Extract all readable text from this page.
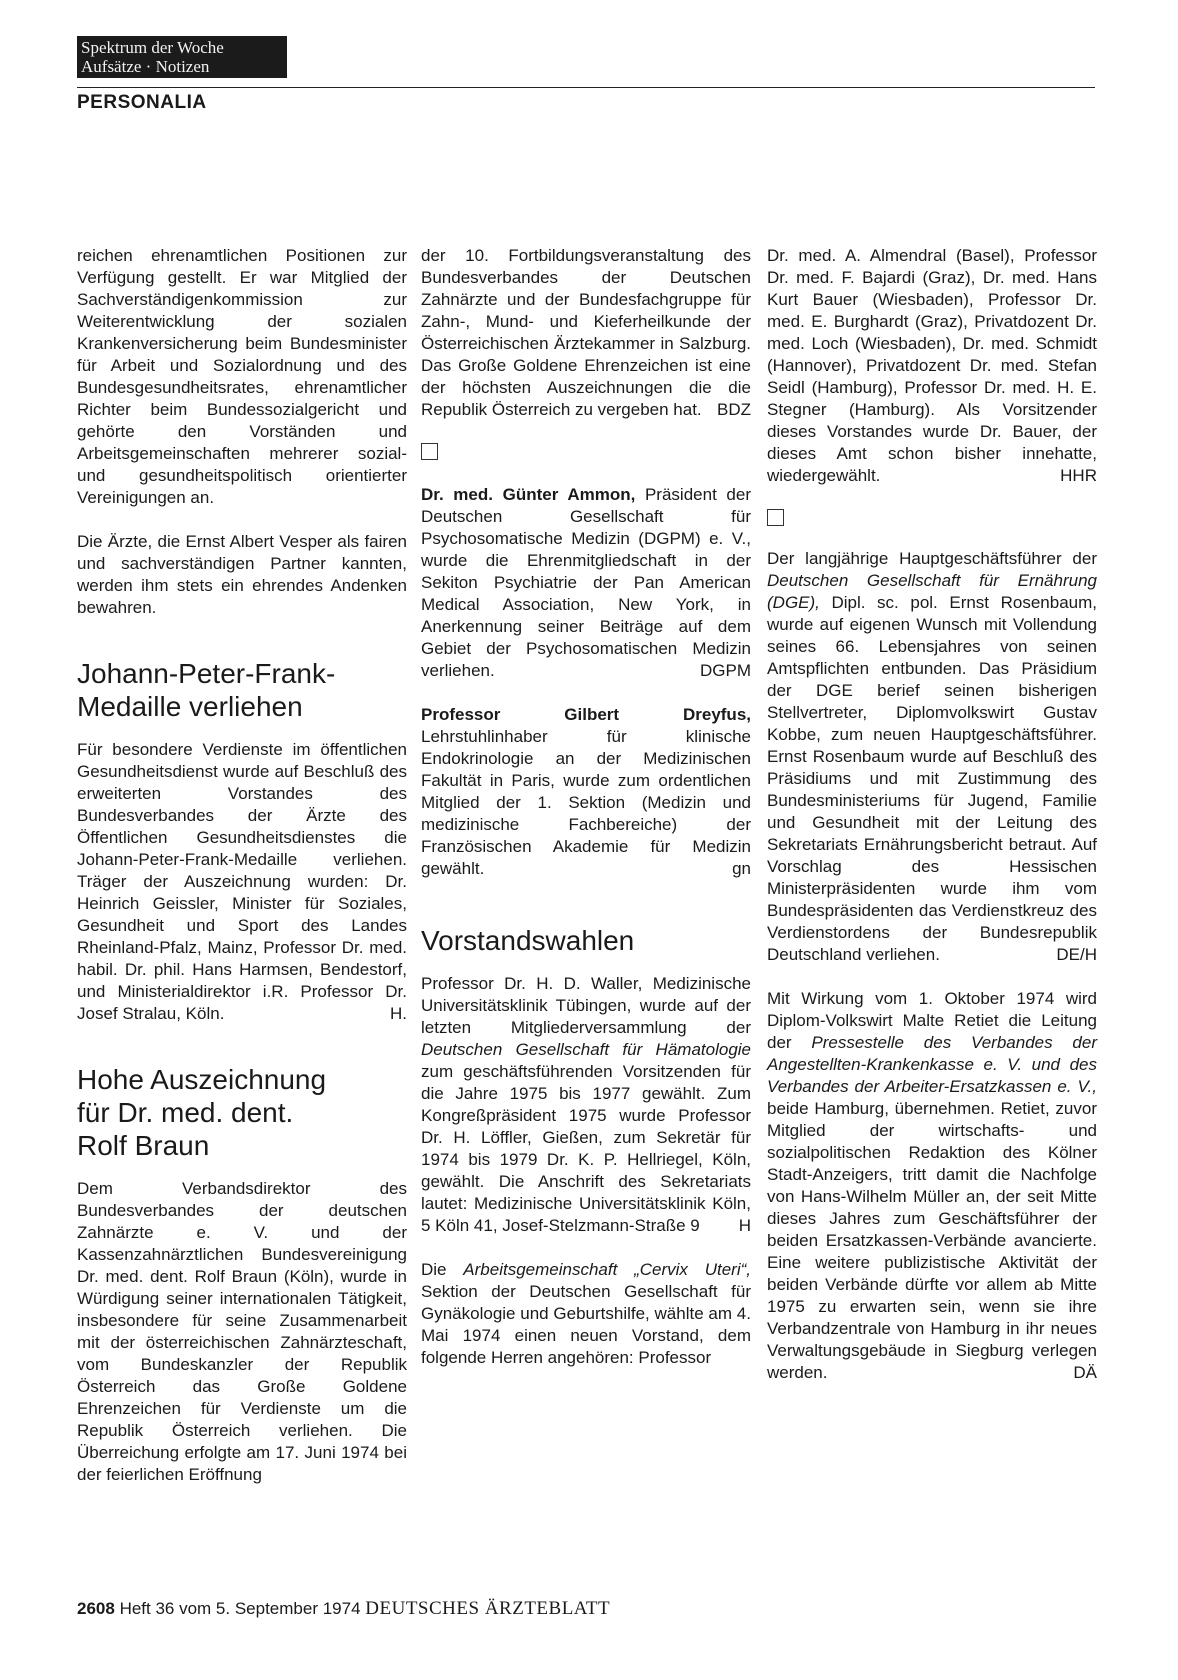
Spektrum der Woche
Aufsätze · Notizen
PERSONALIA

reichen ehrenamtlichen Positionen zur Verfügung gestellt. Er war Mitglied der Sachverständigenkommission zur Weiterentwicklung der sozialen Krankenversicherung beim Bundesminister für Arbeit und Sozialordnung und des Bundesgesundheitsrates, ehrenamtlicher Richter beim Bundessozialgericht und gehörte den Vorständen und Arbeitsgemeinschaften mehrerer sozial- und gesundheitspolitisch orientierter Vereinigungen an.

Die Ärzte, die Ernst Albert Vesper als fairen und sachverständigen Partner kannten, werden ihm stets ein ehrendes Andenken bewahren.

Johann-Peter-Frank-
Medaille verliehen

Für besondere Verdienste im öffentlichen Gesundheitsdienst wurde auf Beschluß des erweiterten Vorstandes des Bundesverbandes der Ärzte des Öffentlichen Gesundheitsdienstes die Johann-Peter-Frank-Medaille verliehen. Träger der Auszeichnung wurden: Dr. Heinrich Geissler, Minister für Soziales, Gesundheit und Sport des Landes Rheinland-Pfalz, Mainz, Professor Dr. med. habil. Dr. phil. Hans Harmsen, Bendestorf, und Ministerialdirektor i.R. Professor Dr. Josef Stralau, Köln.	H.

Hohe Auszeichnung
für Dr. med. dent.
Rolf Braun

Dem Verbandsdirektor des Bundesverbandes der deutschen Zahnärzte e. V. und der Kassenzahnärztlichen Bundesvereinigung Dr. med. dent. Rolf Braun (Köln), wurde in Würdigung seiner internationalen Tätigkeit, insbesondere für seine Zusammenarbeit mit der österreichischen Zahnärzteschaft, vom Bundeskanzler der Republik Österreich das Große Goldene Ehrenzeichen für Verdienste um die Republik Österreich verliehen. Die Überreichung erfolgte am 17. Juni 1974 bei der feierlichen Eröffnung

der 10. Fortbildungsveranstaltung des Bundesverbandes der Deutschen Zahnärzte und der Bundesfachgruppe für Zahn-, Mund- und Kieferheilkunde der Österreichischen Ärztekammer in Salzburg. Das Große Goldene Ehrenzeichen ist eine der höchsten Auszeichnungen die die Republik Österreich zu vergeben hat. BDZ

Dr. med. Günter Ammon, Präsident der Deutschen Gesellschaft für Psychosomatische Medizin (DGPM) e. V., wurde die Ehrenmitgliedschaft in der Sekiton Psychiatrie der Pan American Medical Association, New York, in Anerkennung seiner Beiträge auf dem Gebiet der Psychosomatischen Medizin verliehen.	DGPM

Professor Gilbert Dreyfus, Lehrstuhlinhaber für klinische Endokrinologie an der Medizinischen Fakultät in Paris, wurde zum ordentlichen Mitglied der 1. Sektion (Medizin und medizinische Fachbereiche) der Französischen Akademie für Medizin gewählt.	gn

Vorstandswahlen

Professor Dr. H. D. Waller, Medizinische Universitätsklinik Tübingen, wurde auf der letzten Mitgliederversammlung der Deutschen Gesellschaft für Hämatologie zum geschäftsführenden Vorsitzenden für die Jahre 1975 bis 1977 gewählt. Zum Kongreßpräsident 1975 wurde Professor Dr. H. Löffler, Gießen, zum Sekretär für 1974 bis 1979 Dr. K. P. Hellriegel, Köln, gewählt. Die Anschrift des Sekretariats lautet: Medizinische Universitätsklinik Köln, 5 Köln 41, Josef-Stelzmann-Straße 9 H

Die Arbeitsgemeinschaft „Cervix Uteri“, Sektion der Deutschen Gesellschaft für Gynäkologie und Geburtshilfe, wählte am 4. Mai 1974 einen neuen Vorstand, dem folgende Herren angehören: Professor

Dr. med. A. Almendral (Basel), Professor Dr. med. F. Bajardi (Graz), Dr. med. Hans Kurt Bauer (Wiesbaden), Professor Dr. med. E. Burghardt (Graz), Privatdozent Dr. med. Loch (Wiesbaden), Dr. med. Schmidt (Hannover), Privatdozent Dr. med. Stefan Seidl (Hamburg), Professor Dr. med. H. E. Stegner (Hamburg). Als Vorsitzender dieses Vorstandes wurde Dr. Bauer, der dieses Amt schon bisher innehatte, wiedergewählt.	HHR

Der langjährige Hauptgeschäftsführer der Deutschen Gesellschaft für Ernährung (DGE), Dipl. sc. pol. Ernst Rosenbaum, wurde auf eigenen Wunsch mit Vollendung seines 66. Lebensjahres von seinen Amtspflichten entbunden. Das Präsidium der DGE berief seinen bisherigen Stellvertreter, Diplomvolkswirt Gustav Kobbe, zum neuen Hauptgeschäftsführer. Ernst Rosenbaum wurde auf Beschluß des Präsidiums und mit Zustimmung des Bundesministeriums für Jugend, Familie und Gesundheit mit der Leitung des Sekretariats Ernährungsbericht betraut. Auf Vorschlag des Hessischen Ministerpräsidenten wurde ihm vom Bundespräsidenten das Verdienstkreuz des Verdienstordens der Bundesrepublik Deutschland verliehen.	DE/H

Mit Wirkung vom 1. Oktober 1974 wird Diplom-Volkswirt Malte Retiet die Leitung der Pressestelle des Verbandes der Angestellten-Krankenkasse e. V. und des Verbandes der Arbeiter-Ersatzkassen e. V., beide Hamburg, übernehmen. Retiet, zuvor Mitglied der wirtschafts- und sozialpolitischen Redaktion des Kölner Stadt-Anzeigers, tritt damit die Nachfolge von Hans-Wilhelm Müller an, der seit Mitte dieses Jahres zum Geschäftsführer der beiden Ersatzkassen-Verbände avancierte. Eine weitere publizistische Aktivität der beiden Verbände dürfte vor allem ab Mitte 1975 zu erwarten sein, wenn sie ihre Verbandzentrale von Hamburg in ihr neues Verwaltungsgebäude in Siegburg verlegen werden.	DÄ

2608 Heft 36 vom 5. September 1974 DEUTSCHES ÄRZTEBLATT
